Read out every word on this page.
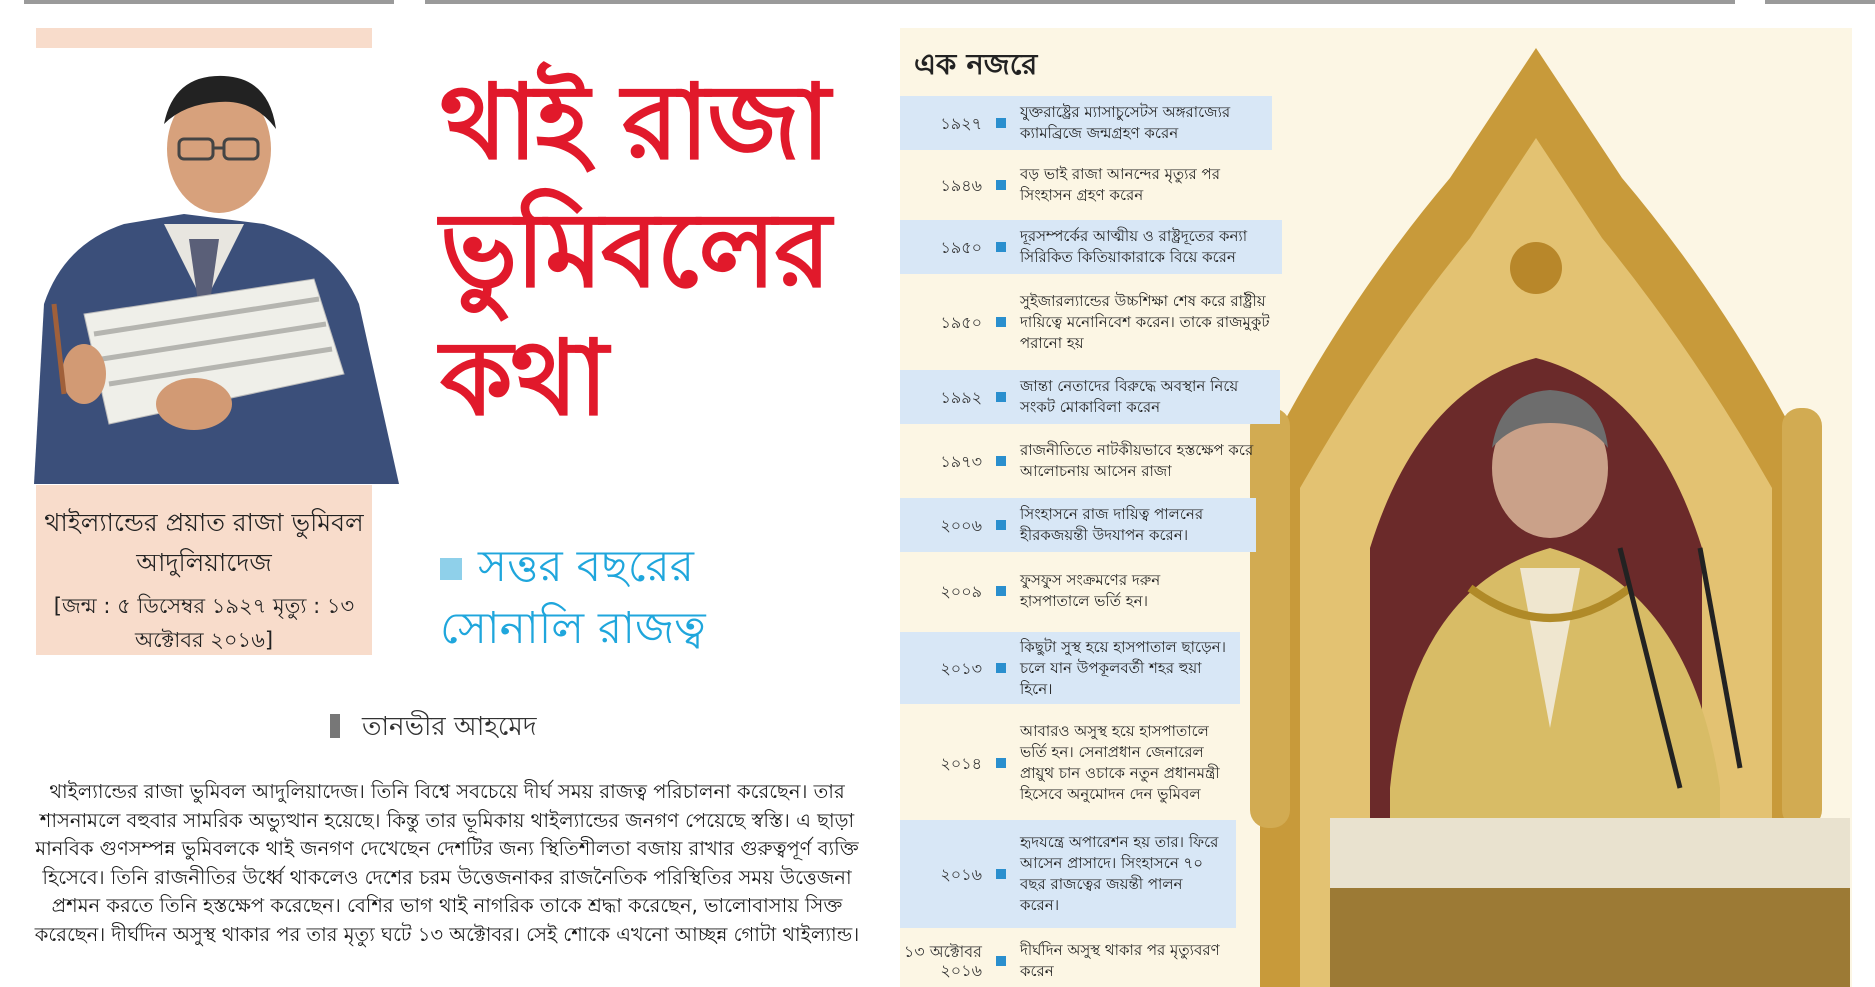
থাইল্যান্ডের প্রয়াত রাজা ভুমিবল আদুলিয়াদেজ
[জন্ম : ৫ ডিসেম্বর ১৯২৭ মৃত্যু : ১৩ অক্টোবর ২০১৬]
থাই রাজা
ভুমিবলের
কথা
সত্তর বছরের
সোনালি রাজত্ব
তানভীর আহমেদ
থাইল্যান্ডের রাজা ভুমিবল আদুলিয়াদেজ। তিনি বিশ্বে সবচেয়ে দীর্ঘ সময় রাজত্ব পরিচালনা করেছেন। তার শাসনামলে বহুবার সামরিক অভ্যুত্থান হয়েছে। কিন্তু তার ভূমিকায় থাইল্যান্ডের জনগণ পেয়েছে স্বস্তি। এ ছাড়া মানবিক গুণসম্পন্ন ভুমিবলকে থাই জনগণ দেখেছেন দেশটির জন্য স্থিতিশীলতা বজায় রাখার গুরুত্বপূর্ণ ব্যক্তি হিসেবে। তিনি রাজনীতির উর্ধ্বে থাকলেও দেশের চরম উত্তেজনাকর রাজনৈতিক পরিস্থিতির সময় উত্তেজনা প্রশমন করতে তিনি হস্তক্ষেপ করেছেন। বেশির ভাগ থাই নাগরিক তাকে শ্রদ্ধা করেছেন, ভালোবাসায় সিক্ত করেছেন। দীর্ঘদিন অসুস্থ থাকার পর তার মৃত্যু ঘটে ১৩ অক্টোবর। সেই শোকে এখনো আচ্ছন্ন গোটা থাইল্যান্ড।
এক নজরে
১৯২৭
যুক্তরাষ্ট্রের ম্যাসাচুসেটস অঙ্গরাজ্যের ক্যামব্রিজে জন্মগ্রহণ করেন
১৯৪৬
বড় ভাই রাজা আনন্দের মৃত্যুর পর সিংহাসন গ্রহণ করেন
১৯৫০
দূরসম্পর্কের আত্মীয় ও রাষ্ট্রদূতের কন্যা সিরিকিত কিতিয়াকারাকে বিয়ে করেন
১৯৫০
সুইজারল্যান্ডের উচ্চশিক্ষা শেষ করে রাষ্ট্রীয় দায়িত্বে মনোনিবেশ করেন। তাকে রাজমুকুট পরানো হয়
১৯৯২
জান্তা নেতাদের বিরুদ্ধে অবস্থান নিয়ে সংকট মোকাবিলা করেন
১৯৭৩
রাজনীতিতে নাটকীয়ভাবে হস্তক্ষেপ করে আলোচনায় আসেন রাজা
২০০৬
সিংহাসনে রাজ দায়িত্ব পালনের হীরকজয়ন্তী উদযাপন করেন।
২০০৯
ফুসফুস সংক্রমণের দরুন হাসপাতালে ভর্তি হন।
২০১৩
কিছুটা সুস্থ হয়ে হাসপাতাল ছাড়েন। চলে যান উপকূলবর্তী শহর হুয়া হিনে।
২০১৪
আবারও অসুস্থ হয়ে হাসপাতালে ভর্তি হন। সেনাপ্রধান জেনারেল প্রায়ুথ চান ওচাকে নতুন প্রধানমন্ত্রী হিসেবে অনুমোদন দেন ভুমিবল
২০১৬
হৃদযন্ত্রে অপারেশন হয় তার। ফিরে আসেন প্রাসাদে। সিংহাসনে ৭০ বছর রাজত্বের জয়ন্তী পালন করেন।
১৩ অক্টোবর ২০১৬
দীর্ঘদিন অসুস্থ থাকার পর মৃত্যুবরণ করেন
